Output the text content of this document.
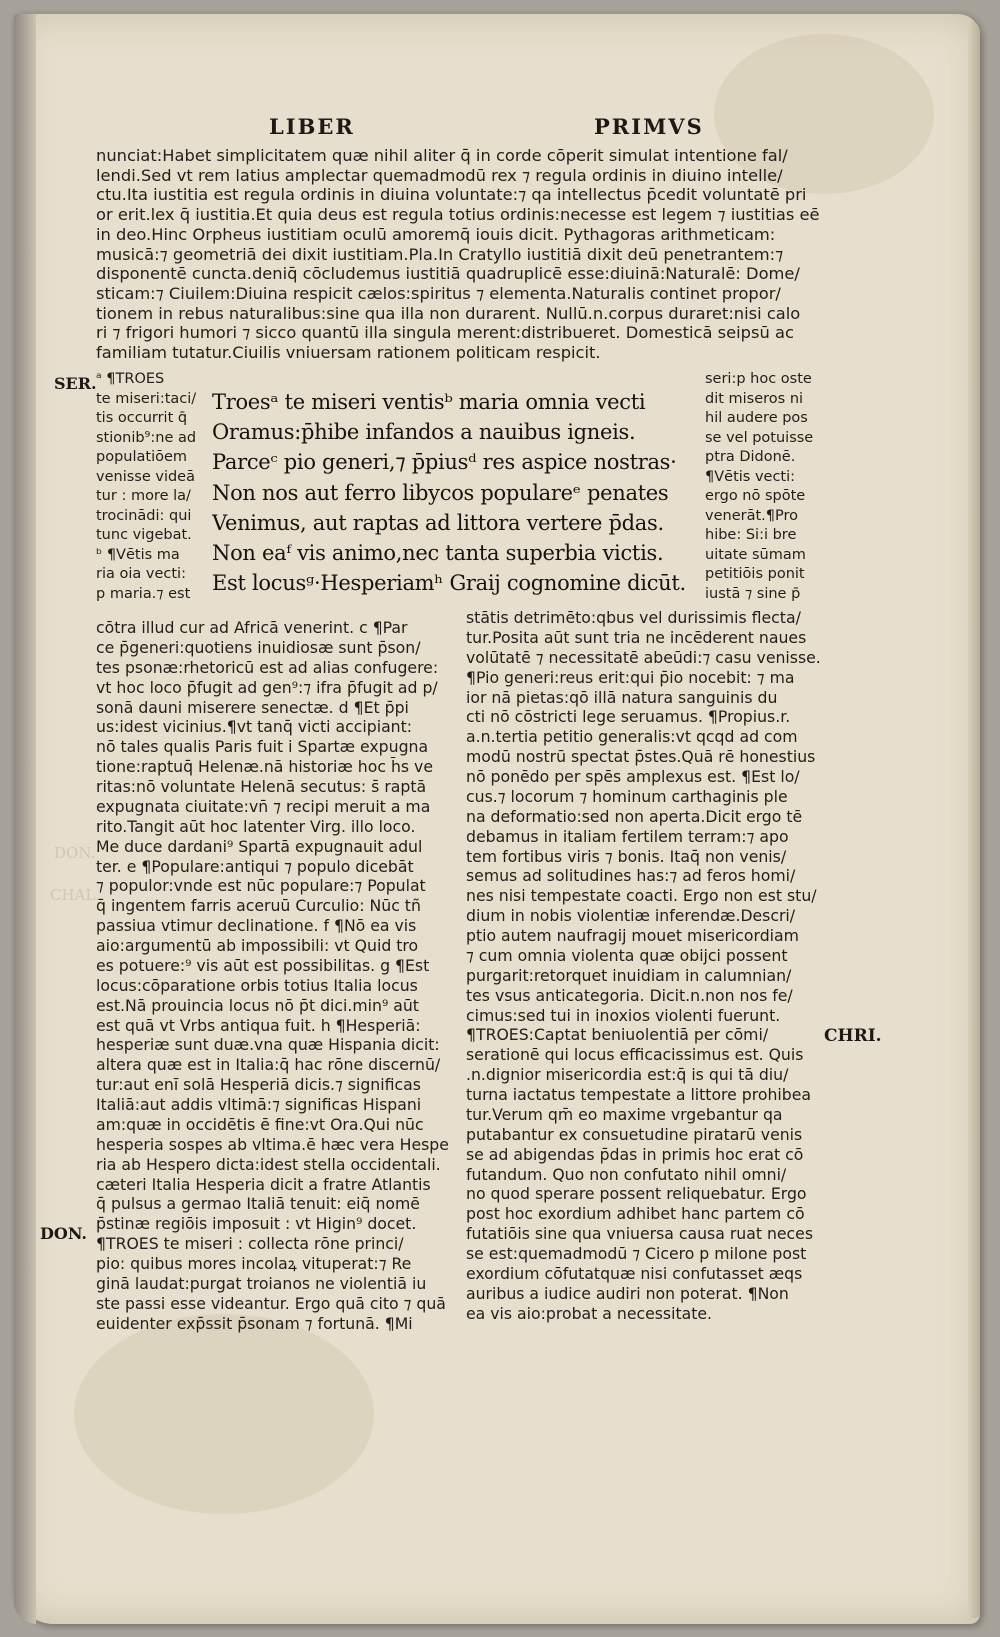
DON.
CHAL.
LIBER	PRIMVS
SER.
DON.
CHRI.
nunciat:Habet simplicitatem quæ nihil aliter q̄ in corde cōperit simulat intentione fal/
lendi.Sed vt rem latius amplectar quemadmodū rex ⁊ regula ordinis in diuino intelle/
ctu.Ita iustitia est regula ordinis in diuina voluntate:⁊ qa intellectus p̄cedit voluntatē pri
or erit.lex q̄ iustitia.Et quia deus est regula totius ordinis:necesse est legem ⁊ iustitias eē
in deo.Hinc Orpheus iustitiam oculū amoremq̄ iouis dicit. Pythagoras arithmeticam:
musicā:⁊ geometriā dei dixit iustitiam.Pla.In Cratyllo iustitiā dixit deū penetrantem:⁊
disponentē cuncta.deniq̄ cōcludemus iustitiā quadruplicē esse:diuinā:Naturalē: Dome/
sticam:⁊ Ciuilem:Diuina respicit cælos:spiritus ⁊ elementa.Naturalis continet propor/
tionem in rebus naturalibus:sine qua illa non durarent. Nullū.n.corpus duraret:nisi calo
ri ⁊ frigori humori ⁊ sicco quantū illa singula merent:distribueret. Domesticā seipsū ac
familiam tutatur.Ciuilis vniuersam rationem politicam respicit.
ᵃ ¶TROES
te miseri:taci/
tis occurrit q̄
stionib⁹:ne ad
populatiōem
venisse videā
tur : more la/
trocinādi: qui
tunc vigebat.
ᵇ ¶Vētis ma
ria oia vecti:
p maria.⁊ est
Troesᵃ te miseri ventisᵇ maria omnia vecti
Oramus:p̄hibe infandos a nauibus igneis.
Parceᶜ pio generi,⁊ p̄piusᵈ res aspice nostras·
Non nos aut ferro libycos populareᵉ penates
Venimus, aut raptas ad littora vertere p̄das.
Non eaᶠ vis animo,nec tanta superbia victis.
Est locusᵍ·Hesperiamʰ Graij cognomine dicūt.
seri:p hoc oste
dit miseros ni
hil audere pos
se vel potuisse
ptra Didonē.
¶Vētis vecti:
ergo nō spōte
venerāt.¶Pro
hibe: Si:i bre
uitate sūmam
petitiōis ponit
iustā ⁊ sine p̄
cōtra illud cur ad Africā venerint. c ¶Par
ce p̄generi:quotiens inuidiosæ sunt p̄son/
tes psonæ:rhetoricū est ad alias confugere:
vt hoc loco p̄fugit ad gen⁹:⁊ ifra p̄fugit ad p/
sonā dauni miserere senectæ. d ¶Et p̄pi
us:idest vicinius.¶vt tanq̄ victi accipiant:
nō tales qualis Paris fuit i Spartæ expugna
tione:raptuq̄ Helenæ.nā historiæ hoc h̄s ve
ritas:nō voluntate Helenā secutus: s̄ raptā
expugnata ciuitate:vn̄ ⁊ recipi meruit a ma
rito.Tangit aūt hoc latenter Virg. illo loco.
Me duce dardani⁹ Spartā expugnauit adul
ter. e ¶Populare:antiqui ⁊ populo dicebāt
⁊ populor:vnde est nūc populare:⁊ Populat
q̄ ingentem farris aceruū Curculio: Nūc tñ
passiua vtimur declinatione. f ¶Nō ea vis
aio:argumentū ab impossibili: vt Quid tro
es potuere:⁹ vis aūt est possibilitas. g ¶Est
locus:cōparatione orbis totius Italia locus
est.Nā prouincia locus nō p̄t dici.min⁹ aūt
est quā vt Vrbs antiqua fuit. h ¶Hesperiā:
hesperiæ sunt duæ.vna quæ Hispania dicit:
altera quæ est in Italia:q̄ hac rōne discernū/
tur:aut enī solā Hesperiā dicis.⁊ significas
Italiā:aut addis vltimā:⁊ significas Hispani
am:quæ in occidētis ē fine:vt Ora.Qui nūc
hesperia sospes ab vltima.ē hæc vera Hespe
ria ab Hespero dicta:idest stella occidentali.
cæteri Italia Hesperia dicit a fratre Atlantis
q̄ pulsus a germao Italiā tenuit: eiq̄ nomē
p̄stinæ regiōis imposuit : vt Higin⁹ docet.
¶TROES te miseri : collecta rōne princi/
pio: quibus mores incolaꝝ vituperat:⁊ Re
ginā laudat:purgat troianos ne violentiā iu
ste passi esse videantur. Ergo quā cito ⁊ quā
euidenter exp̄ssit p̄sonam ⁊ fortunā. ¶Mi
stātis detrimēto:qbus vel durissimis flecta/
tur.Posita aūt sunt tria ne incēderent naues
volūtatē ⁊ necessitatē abeūdi:⁊ casu venisse.
¶Pio generi:reus erit:qui p̄io nocebit: ⁊ ma
ior nā pietas:qō illā natura sanguinis du
cti nō cōstricti lege seruamus. ¶Propius.r.
a.n.tertia petitio generalis:vt qcqd ad com
modū nostrū spectat p̄stes.Quā rē honestius
nō ponēdo per spēs amplexus est. ¶Est lo/
cus.⁊ locorum ⁊ hominum carthaginis ple
na deformatio:sed non aperta.Dicit ergo tē
debamus in italiam fertilem terram:⁊ apo
tem fortibus viris ⁊ bonis. Itaq̄ non venis/
semus ad solitudines has:⁊ ad feros homi/
nes nisi tempestate coacti. Ergo non est stu/
dium in nobis violentiæ inferendæ.Descri/
ptio autem naufragij mouet misericordiam
⁊ cum omnia violenta quæ obijci possent
purgarit:retorquet inuidiam in calumnian/
tes vsus anticategoria. Dicit.n.non nos fe/
cimus:sed tui in inoxios violenti fuerunt.
¶TROES:Captat beniuolentiā per cōmi/
serationē qui locus efficacissimus est. Quis
.n.dignior misericordia est:q̄ is qui tā diu/
turna iactatus tempestate a littore prohibea
tur.Verum qm̄ eo maxime vrgebantur qa
putabantur ex consuetudine piratarū venis
se ad abigendas p̄das in primis hoc erat cō
futandum. Quo non confutato nihil omni/
no quod sperare possent reliquebatur. Ergo
post hoc exordium adhibet hanc partem cō
futatiōis sine qua vniuersa causa ruat neces
se est:quemadmodū ⁊ Cicero p milone post
exordium cōfutatquæ nisi confutasset æqs
auribus a iudice audiri non poterat. ¶Non
ea vis aio:probat a necessitate.
